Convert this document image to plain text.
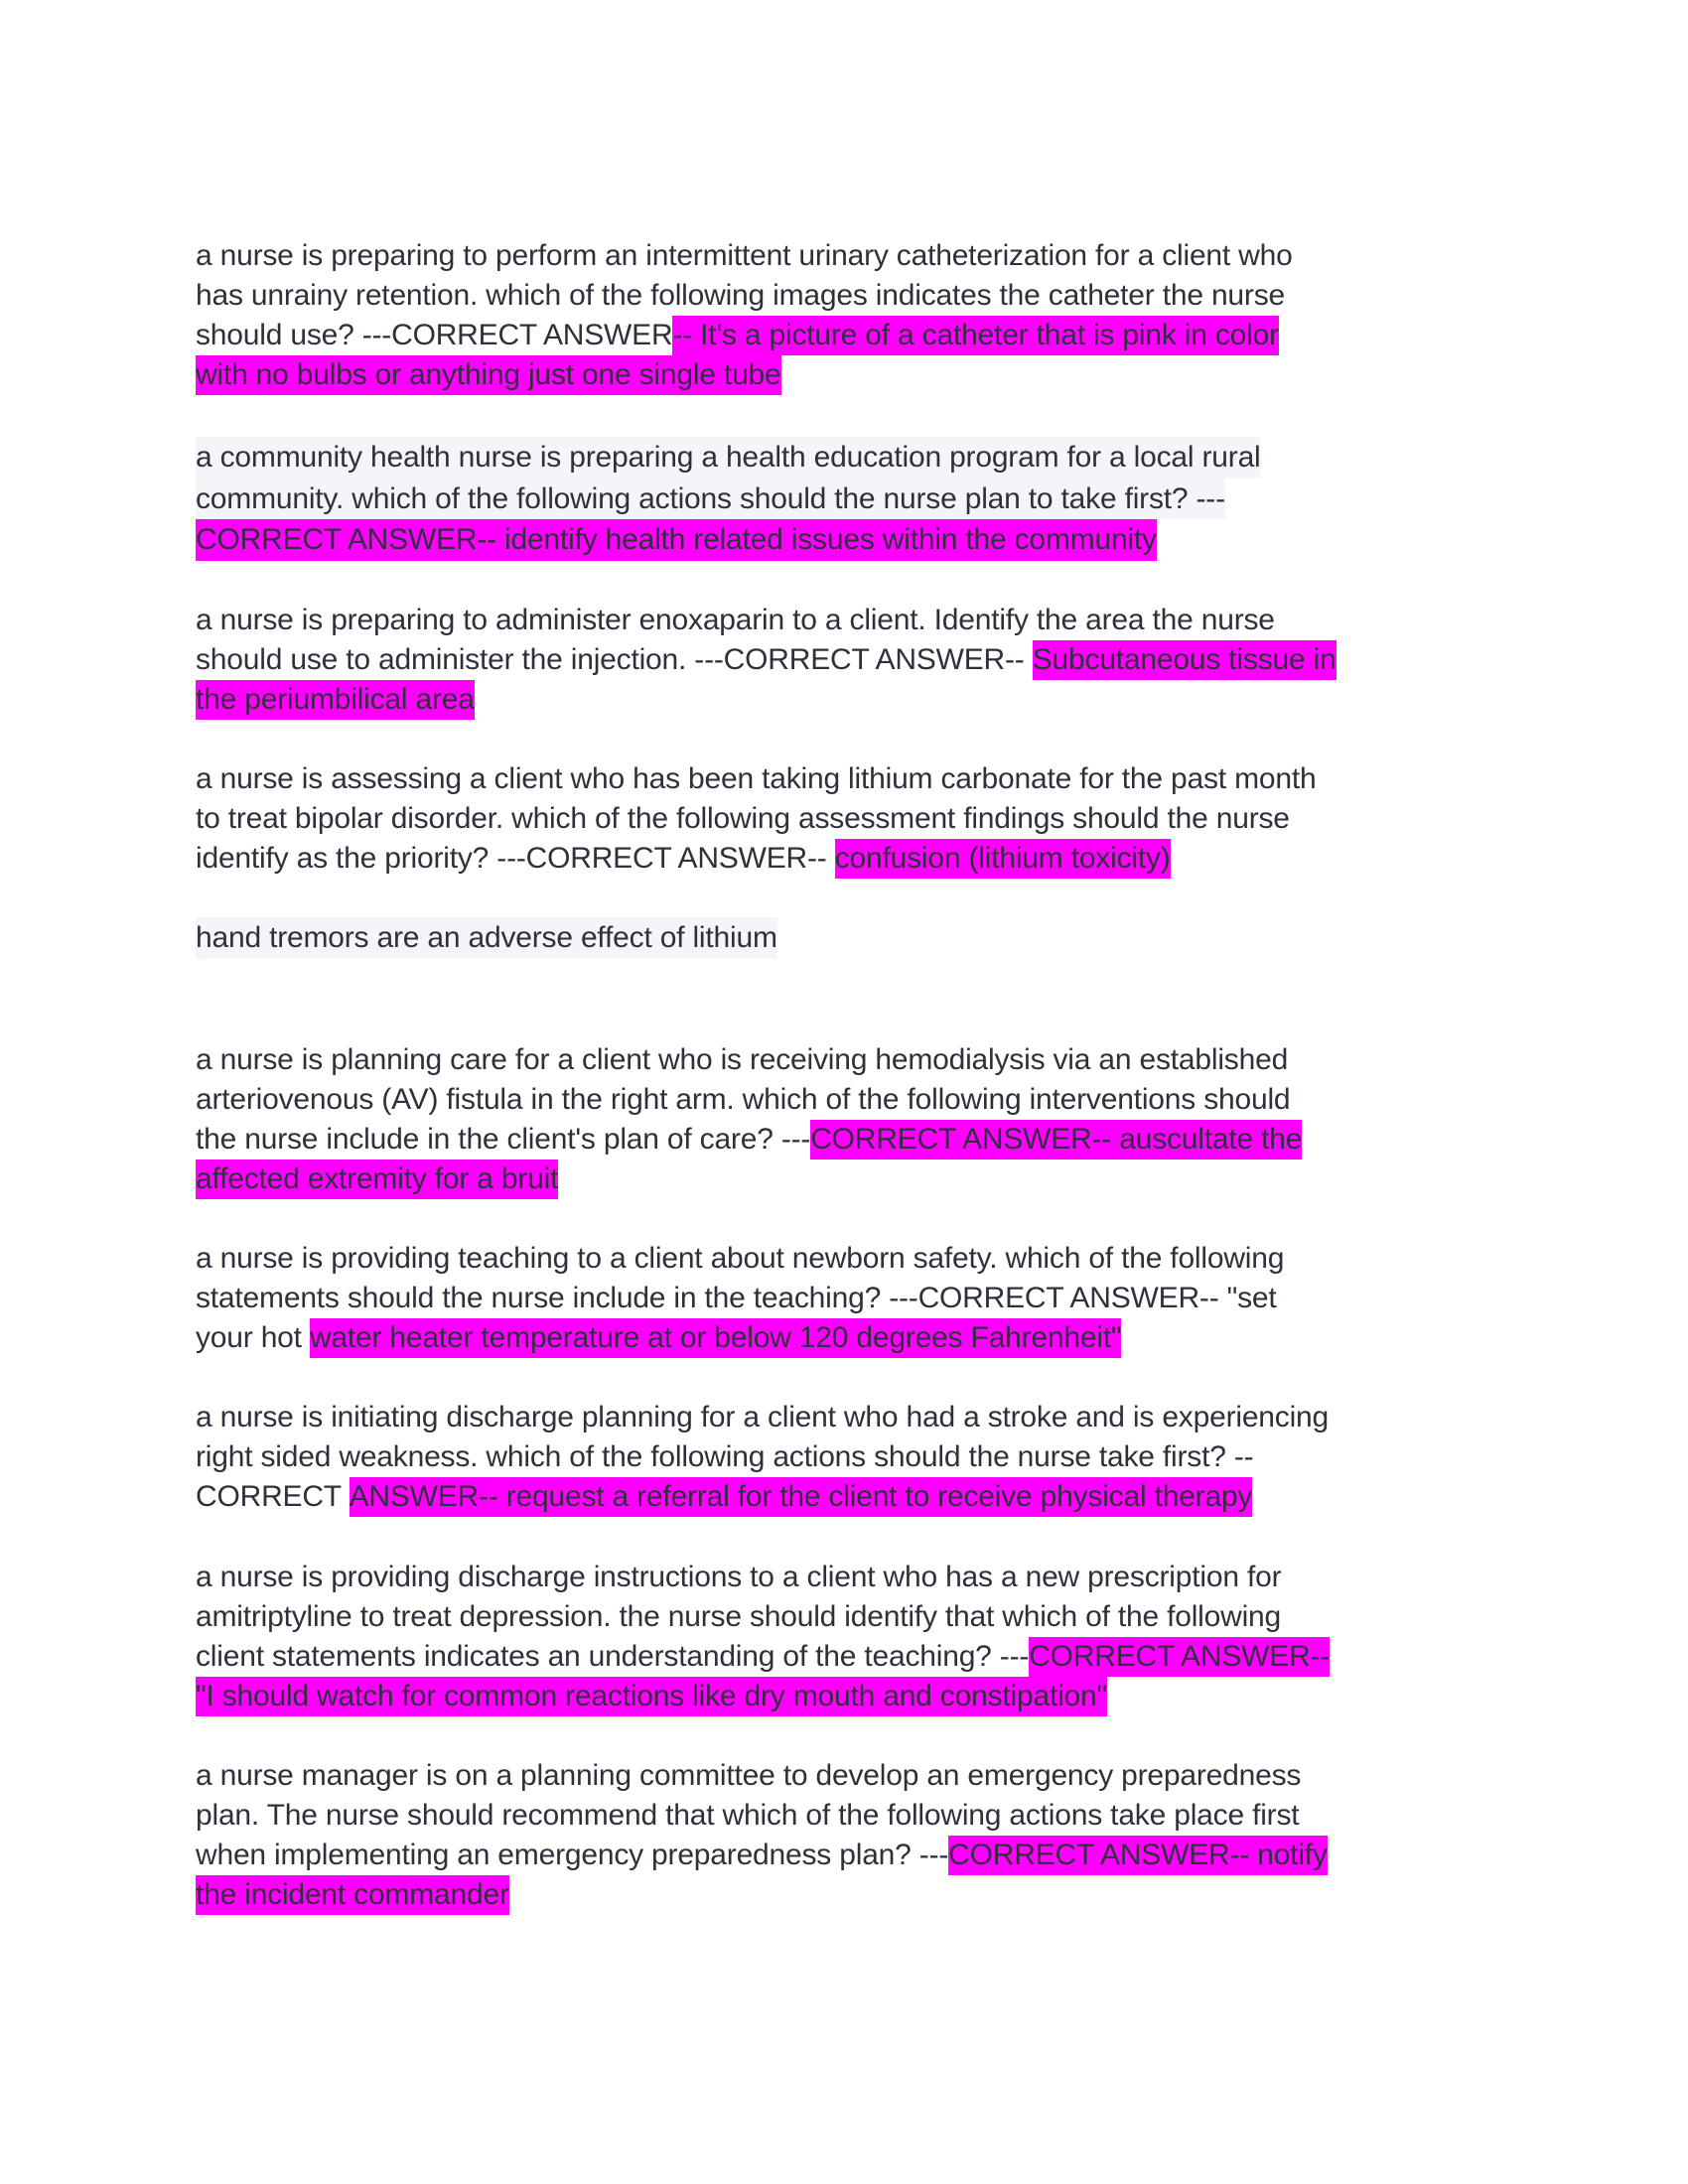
a nurse is preparing to perform an intermittent urinary catheterization for a client who
has unrainy retention. which of the following images indicates the catheter the nurse
should use? ---CORRECT ANSWER-- It's a picture of a catheter that is pink in color
with no bulbs or anything just one single tube
a community health nurse is preparing a health education program for a local rural
community. which of the following actions should the nurse plan to take first? ---
CORRECT ANSWER-- identify health related issues within the community
a nurse is preparing to administer enoxaparin to a client. Identify the area the nurse
should use to administer the injection. ---CORRECT ANSWER-- Subcutaneous tissue in
the periumbilical area
a nurse is assessing a client who has been taking lithium carbonate for the past month
to treat bipolar disorder. which of the following assessment findings should the nurse
identify as the priority? ---CORRECT ANSWER-- confusion (lithium toxicity)
hand tremors are an adverse effect of lithium
a nurse is planning care for a client who is receiving hemodialysis via an established
arteriovenous (AV) fistula in the right arm. which of the following interventions should
the nurse include in the client's plan of care? ---CORRECT ANSWER-- auscultate the
affected extremity for a bruit
a nurse is providing teaching to a client about newborn safety. which of the following
statements should the nurse include in the teaching? ---CORRECT ANSWER-- "set
your hot water heater temperature at or below 120 degrees Fahrenheit"
a nurse is initiating discharge planning for a client who had a stroke and is experiencing
right sided weakness. which of the following actions should the nurse take first? --
CORRECT ANSWER-- request a referral for the client to receive physical therapy
a nurse is providing discharge instructions to a client who has a new prescription for
amitriptyline to treat depression. the nurse should identify that which of the following
client statements indicates an understanding of the teaching? ---CORRECT ANSWER--
"I should watch for common reactions like dry mouth and constipation"
a nurse manager is on a planning committee to develop an emergency preparedness
plan. The nurse should recommend that which of the following actions take place first
when implementing an emergency preparedness plan? ---CORRECT ANSWER-- notify
the incident commander
